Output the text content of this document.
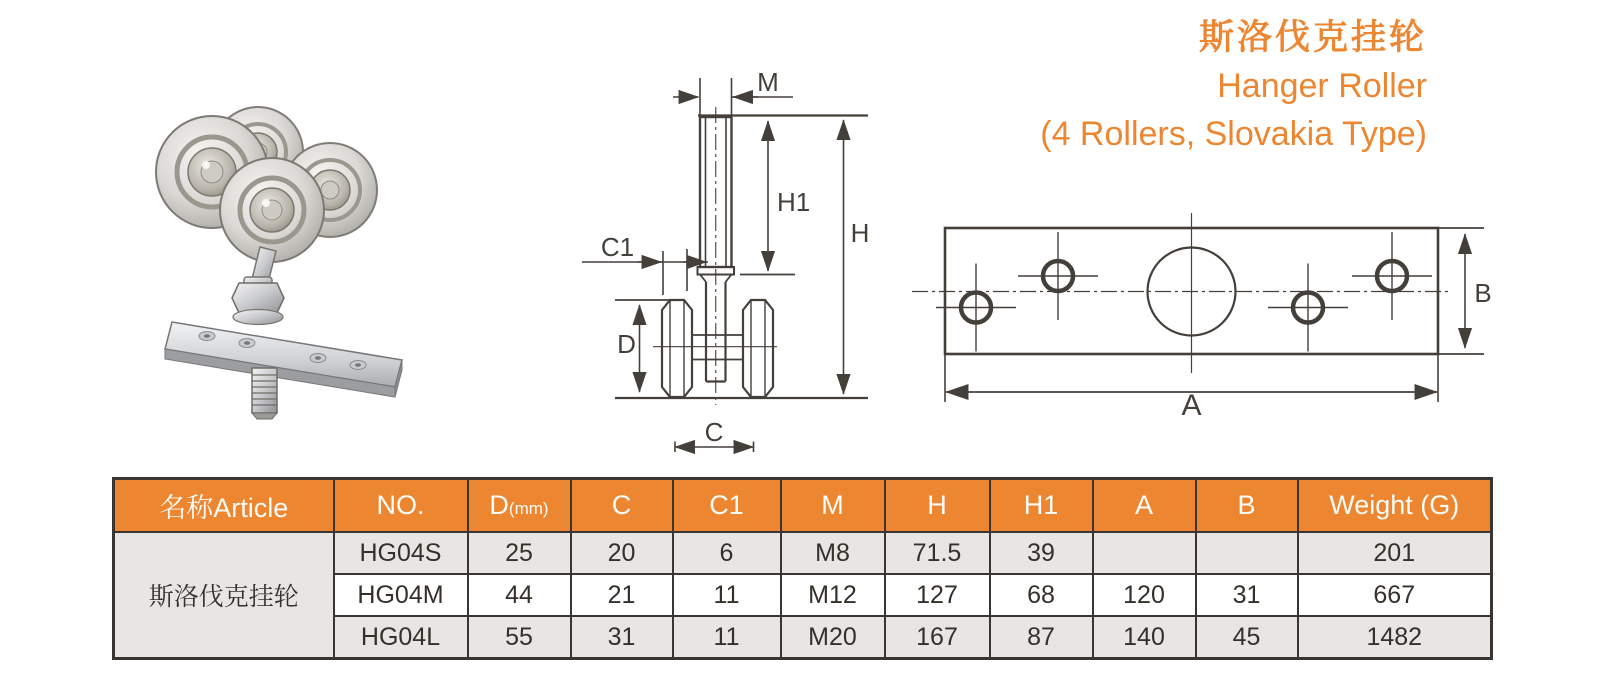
斯洛伐克挂轮
Hanger Roller
(4 Rollers, Slovakia Type)
M
H1
H
C1
D
C
B
A
名称Article	NO.	D(mm)	C	C1	M	H	H1	A	B	Weight (G)
斯洛伐克挂轮	HG04S	25	20	6	M8	71.5	39			201
	HG04M	44	21	11	M12	127	68	120	31	667
	HG04L	55	31	11	M20	167	87	140	45	1482
